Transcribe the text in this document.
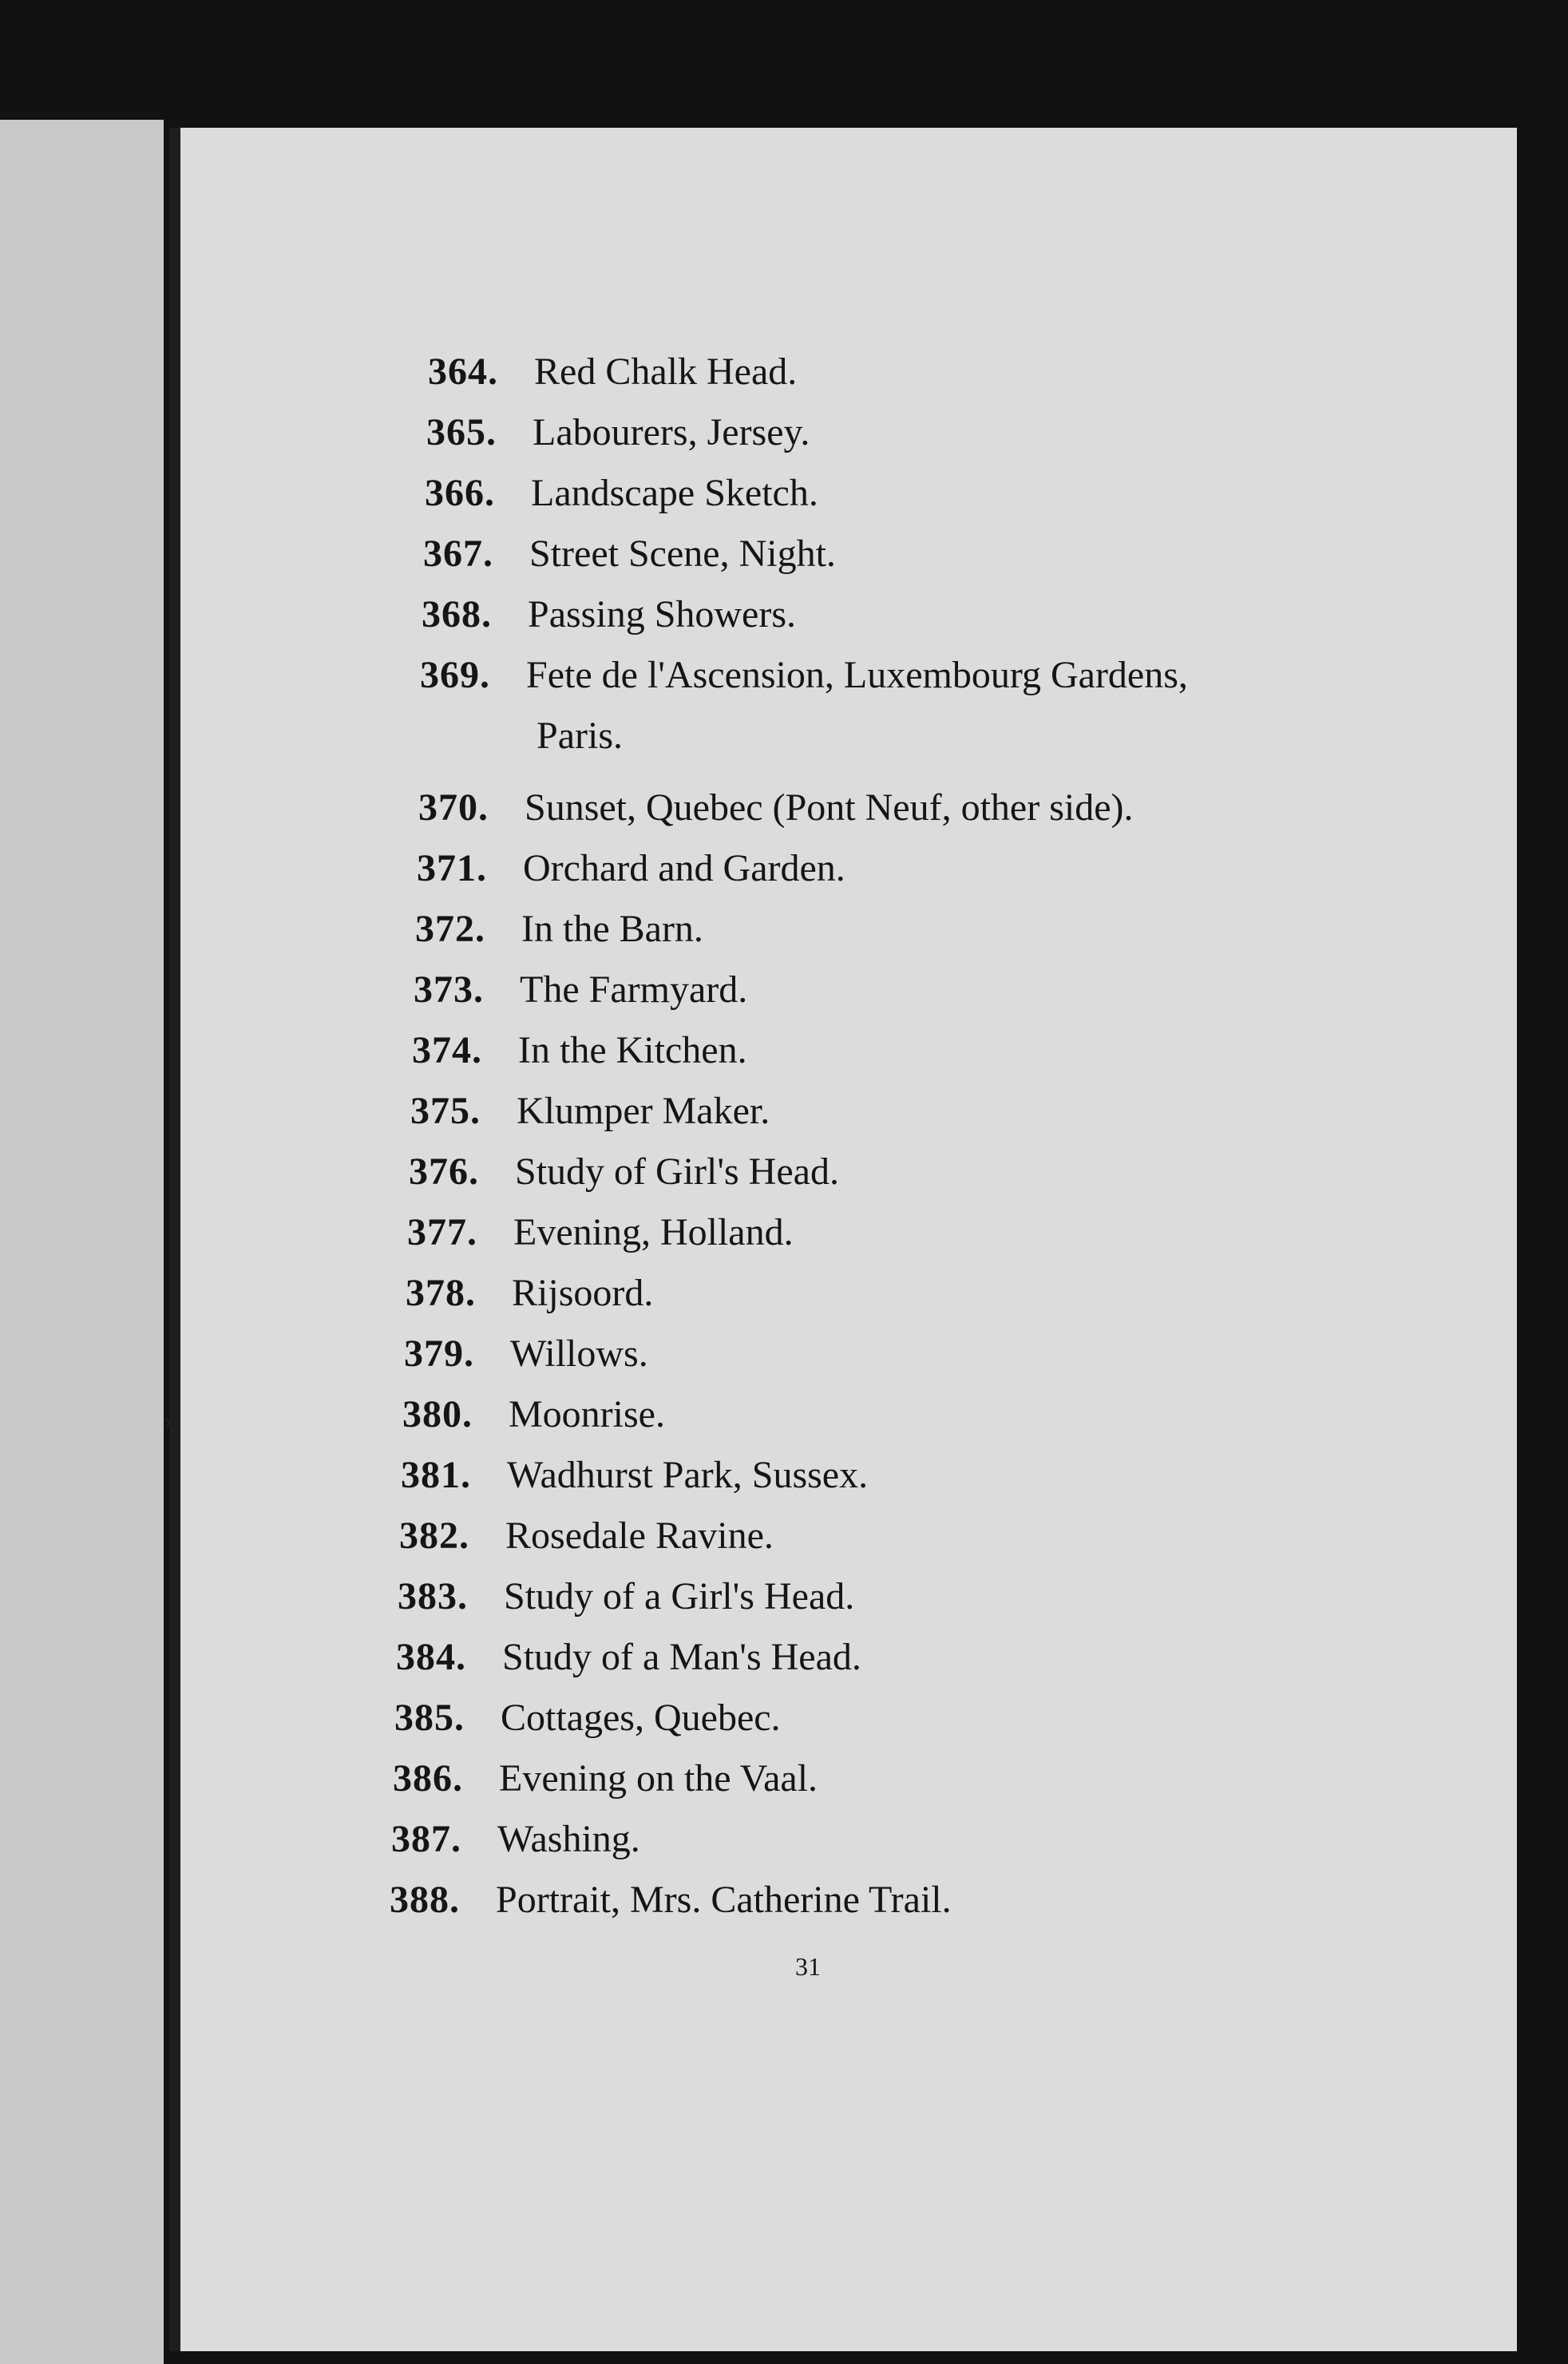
›
364. Red Chalk Head.
365. Labourers, Jersey.
366. Landscape Sketch.
367. Street Scene, Night.
368. Passing Showers.
369. Fete de l'Ascension, Luxembourg Gardens,
Paris.
370. Sunset, Quebec (Pont Neuf, other side).
371. Orchard and Garden.
372. In the Barn.
373. The Farmyard.
374. In the Kitchen.
375. Klumper Maker.
376. Study of Girl's Head.
377. Evening, Holland.
378. Rijsoord.
379. Willows.
380. Moonrise.
381. Wadhurst Park, Sussex.
382. Rosedale Ravine.
383. Study of a Girl's Head.
384. Study of a Man's Head.
385. Cottages, Quebec.
386. Evening on the Vaal.
387. Washing.
388. Portrait, Mrs. Catherine Trail.
31
